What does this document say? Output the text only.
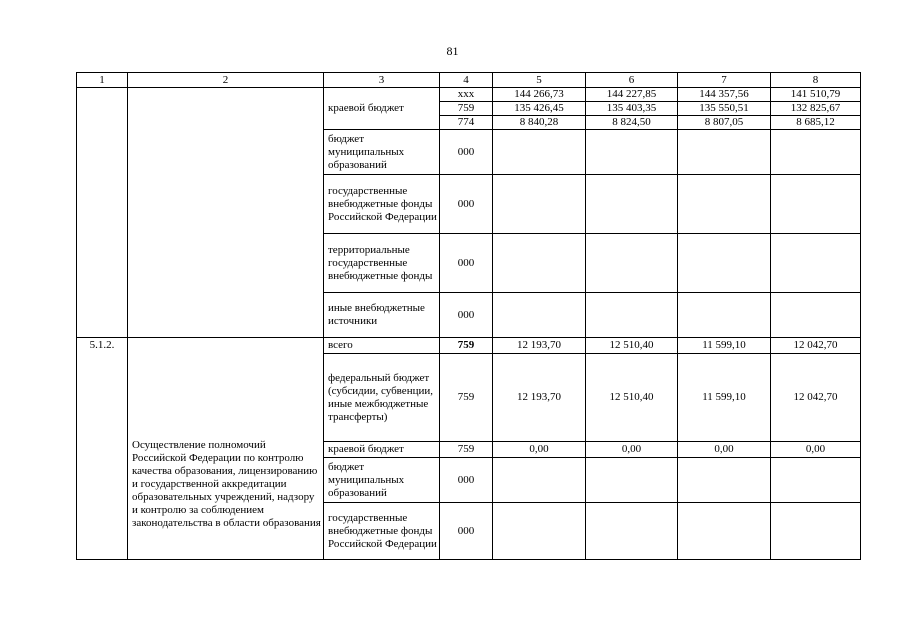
81
1	2	3	4	5	6	7	8
		краевой бюджет	xxx	144 266,73	144 227,85	144 357,56	141 510,79
			759	135 426,45	135 403,35	135 550,51	132 825,67
			774	8 840,28	8 824,50	8 807,05	8 685,12
		бюджет муниципальных образований	000				
		государственные внебюджетные фонды Российской Федерации	000				
		территориальные государственные внебюджетные фонды	000				
		иные внебюджетные источники	000				
5.1.2.	Осуществление полномочий Российской Федерации по контролю качества образования, лицензированию и государственной аккредитации образовательных учреждений, надзору и контролю за соблюдением законодательства в области образования	всего	759	12 193,70	12 510,40	11 599,10	12 042,70
		федеральный бюджет (субсидии, субвенции, иные межбюджетные трансферты)	759	12 193,70	12 510,40	11 599,10	12 042,70
		краевой бюджет	759	0,00	0,00	0,00	0,00
		бюджет муниципальных образований	000				
		государственные внебюджетные фонды Российской Федерации	000				
